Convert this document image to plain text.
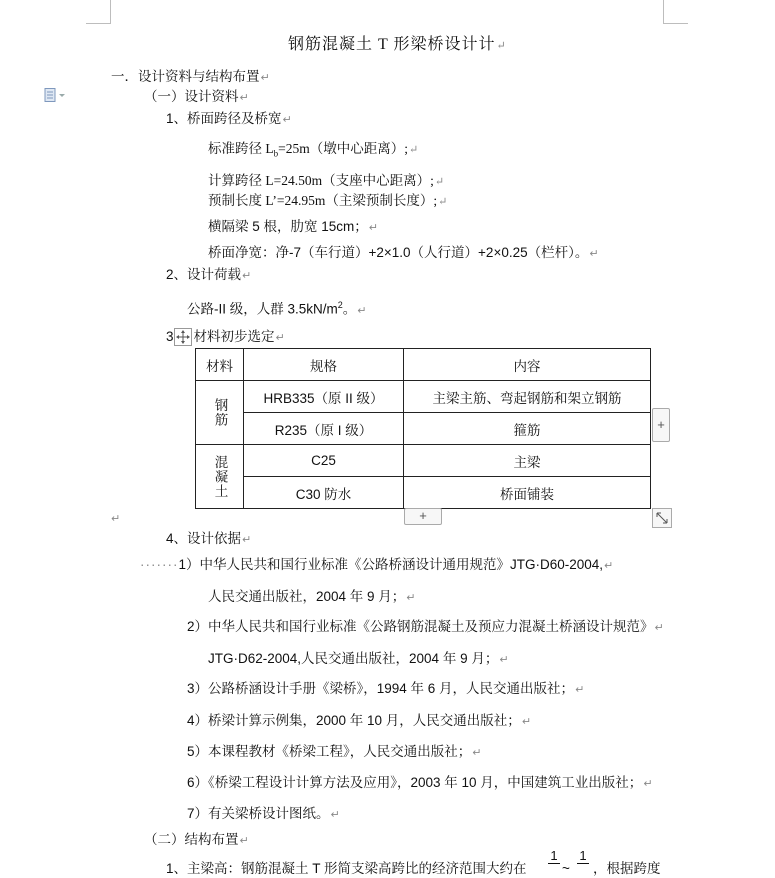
钢筋混凝土 T 形梁桥设计计↵
一．设计资料与结构布置↵
（一）设计资料↵
1、桥面跨径及桥宽↵
标准跨径 $L_b=25m$（墩中心距离）;↵
计算跨径 L=24.50m（支座中心距离）;↵
预制长度 L’=24.95m（主梁预制长度）;↵
横隔梁 5 根，肋宽 15cm；↵
桥面净宽：净-7（车行道）+2×1.0（人行道）+2×0.25（栏杆）。↵
2、设计荷载↵
公路-II 级，人群 $3.5kN/m^2$。↵
3 材料初步选定↵
材料	规格	内容
钢筋	HRB335（原 II 级）	主梁主筋、弯起钢筋和架立钢筋
	R235（原 I 级）	箍筋
混凝土	C25	主梁
	C30 防水	桥面铺装
+
+
↵
4、设计依据↵
·······1）中华人民共和国行业标准《公路桥涵设计通用规范》JTG·D60-2004,↵
人民交通出版社，2004 年 9 月；↵
2）中华人民共和国行业标准《公路钢筋混凝土及预应力混凝土桥涵设计规范》↵
JTG·D62-2004,人民交通出版社，2004 年 9 月；↵
3）公路桥涵设计手册《梁桥》，1994 年 6 月，人民交通出版社；↵
4）桥梁计算示例集，2000 年 10 月，人民交通出版社；↵
5）本课程教材《桥梁工程》，人民交通出版社；↵
6）《桥梁工程设计计算方法及应用》，2003 年 10 月，中国建筑工业出版社；↵
7）有关梁桥设计图纸。↵
（二）结构布置↵
1、主梁高：钢筋混凝土 T 形简支梁高跨比的经济范围大约在
1
~
1
，根据跨度
